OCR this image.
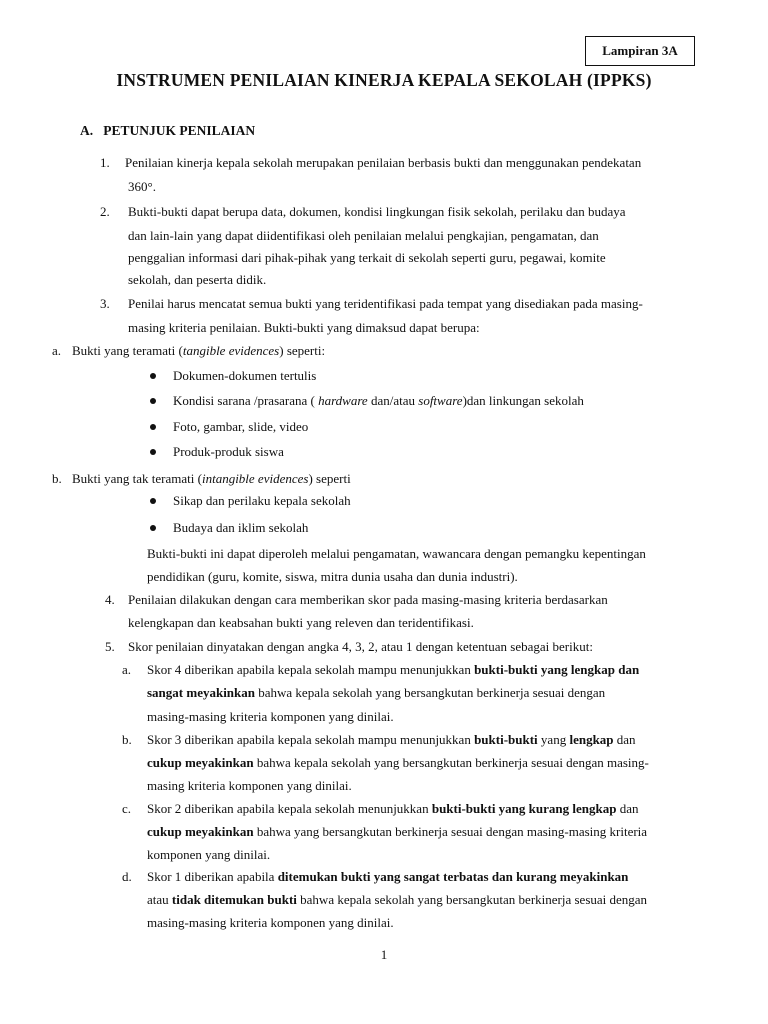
Lampiran 3A
INSTRUMEN PENILAIAN KINERJA KEPALA SEKOLAH (IPPKS)
A. PETUNJUK PENILAIAN
1. Penilaian kinerja kepala sekolah merupakan penilaian berbasis bukti dan menggunakan pendekatan
360°.
2. Bukti-bukti dapat berupa data, dokumen, kondisi lingkungan fisik sekolah, perilaku dan budaya
dan lain-lain yang dapat diidentifikasi oleh penilaian melalui pengkajian, pengamatan, dan
penggalian informasi dari pihak-pihak yang terkait di sekolah seperti guru, pegawai, komite
sekolah, dan peserta didik.
3. Penilai harus mencatat semua bukti yang teridentifikasi pada tempat yang disediakan pada masing-
masing kriteria penilaian. Bukti-bukti yang dimaksud dapat berupa:
a. Bukti yang teramati (tangible evidences) seperti:
Dokumen-dokumen tertulis
Kondisi sarana /prasarana ( hardware dan/atau software)dan linkungan sekolah
Foto, gambar, slide, video
Produk-produk siswa
b. Bukti yang tak teramati (intangible evidences) seperti
Sikap dan perilaku kepala sekolah
Budaya dan iklim sekolah
Bukti-bukti ini dapat diperoleh melalui pengamatan, wawancara dengan pemangku kepentingan
pendidikan (guru, komite, siswa, mitra dunia usaha dan dunia industri).
4. Penilaian dilakukan dengan cara memberikan skor pada masing-masing kriteria berdasarkan
kelengkapan dan keabsahan bukti yang releven dan teridentifikasi.
5. Skor penilaian dinyatakan dengan angka 4, 3, 2, atau 1 dengan ketentuan sebagai berikut:
a. Skor 4 diberikan apabila kepala sekolah mampu menunjukkan bukti-bukti yang lengkap dan
sangat meyakinkan bahwa kepala sekolah yang bersangkutan berkinerja sesuai dengan
masing-masing kriteria komponen yang dinilai.
b. Skor 3 diberikan apabila kepala sekolah mampu menunjukkan bukti-bukti yang lengkap dan
cukup meyakinkan bahwa kepala sekolah yang bersangkutan berkinerja sesuai dengan masing-
masing kriteria komponen yang dinilai.
c. Skor 2 diberikan apabila kepala sekolah menunjukkan bukti-bukti yang kurang lengkap dan
cukup meyakinkan bahwa yang bersangkutan berkinerja sesuai dengan masing-masing kriteria
komponen yang dinilai.
d. Skor 1 diberikan apabila ditemukan bukti yang sangat terbatas dan kurang meyakinkan
atau tidak ditemukan bukti bahwa kepala sekolah yang bersangkutan berkinerja sesuai dengan
masing-masing kriteria komponen yang dinilai.
1
